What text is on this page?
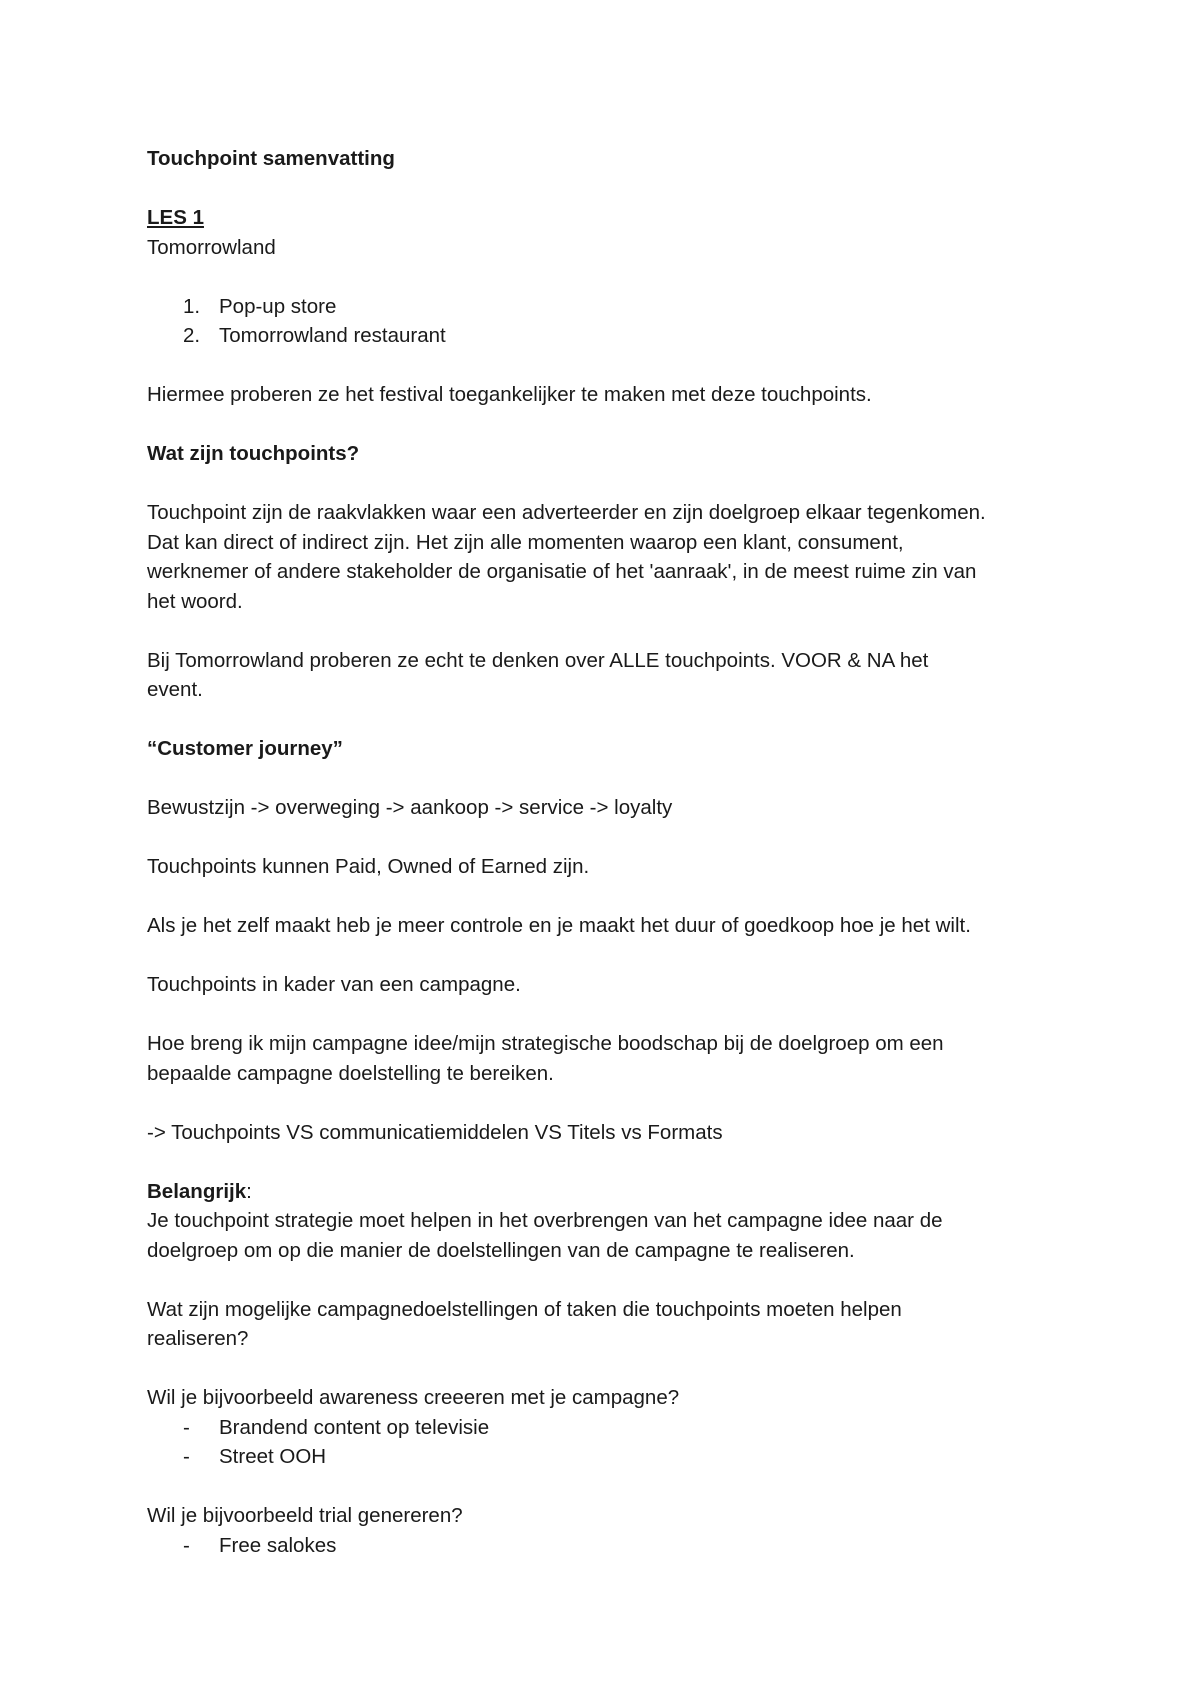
Touchpoint samenvatting

LES 1

Tomorrowland

1. Pop-up store
2. Tomorrowland restaurant

Hiermee proberen ze het festival toegankelijker te maken met deze touchpoints.

Wat zijn touchpoints?

Touchpoint zijn de raakvlakken waar een adverteerder en zijn doelgroep elkaar tegenkomen.

Dat kan direct of indirect zijn. Het zijn alle momenten waarop een klant, consument,

werknemer of andere stakeholder de organisatie of het 'aanraak', in de meest ruime zin van

het woord.

Bij Tomorrowland proberen ze echt te denken over ALLE touchpoints. VOOR & NA het

event.

“Customer journey”

Bewustzijn -> overweging -> aankoop -> service -> loyalty

Touchpoints kunnen Paid, Owned of Earned zijn.

Als je het zelf maakt heb je meer controle en je maakt het duur of goedkoop hoe je het wilt.

Touchpoints in kader van een campagne.

Hoe breng ik mijn campagne idee/mijn strategische boodschap bij de doelgroep om een

bepaalde campagne doelstelling te bereiken.

-> Touchpoints VS communicatiemiddelen VS Titels vs Formats

Belangrijk:

Je touchpoint strategie moet helpen in het overbrengen van het campagne idee naar de

doelgroep om op die manier de doelstellingen van de campagne te realiseren.

Wat zijn mogelijke campagnedoelstellingen of taken die touchpoints moeten helpen

realiseren?

Wil je bijvoorbeeld awareness creeeren met je campagne?

-	Brandend content op televisie
-	Street OOH

Wil je bijvoorbeeld trial genereren?

-	Free salokes
